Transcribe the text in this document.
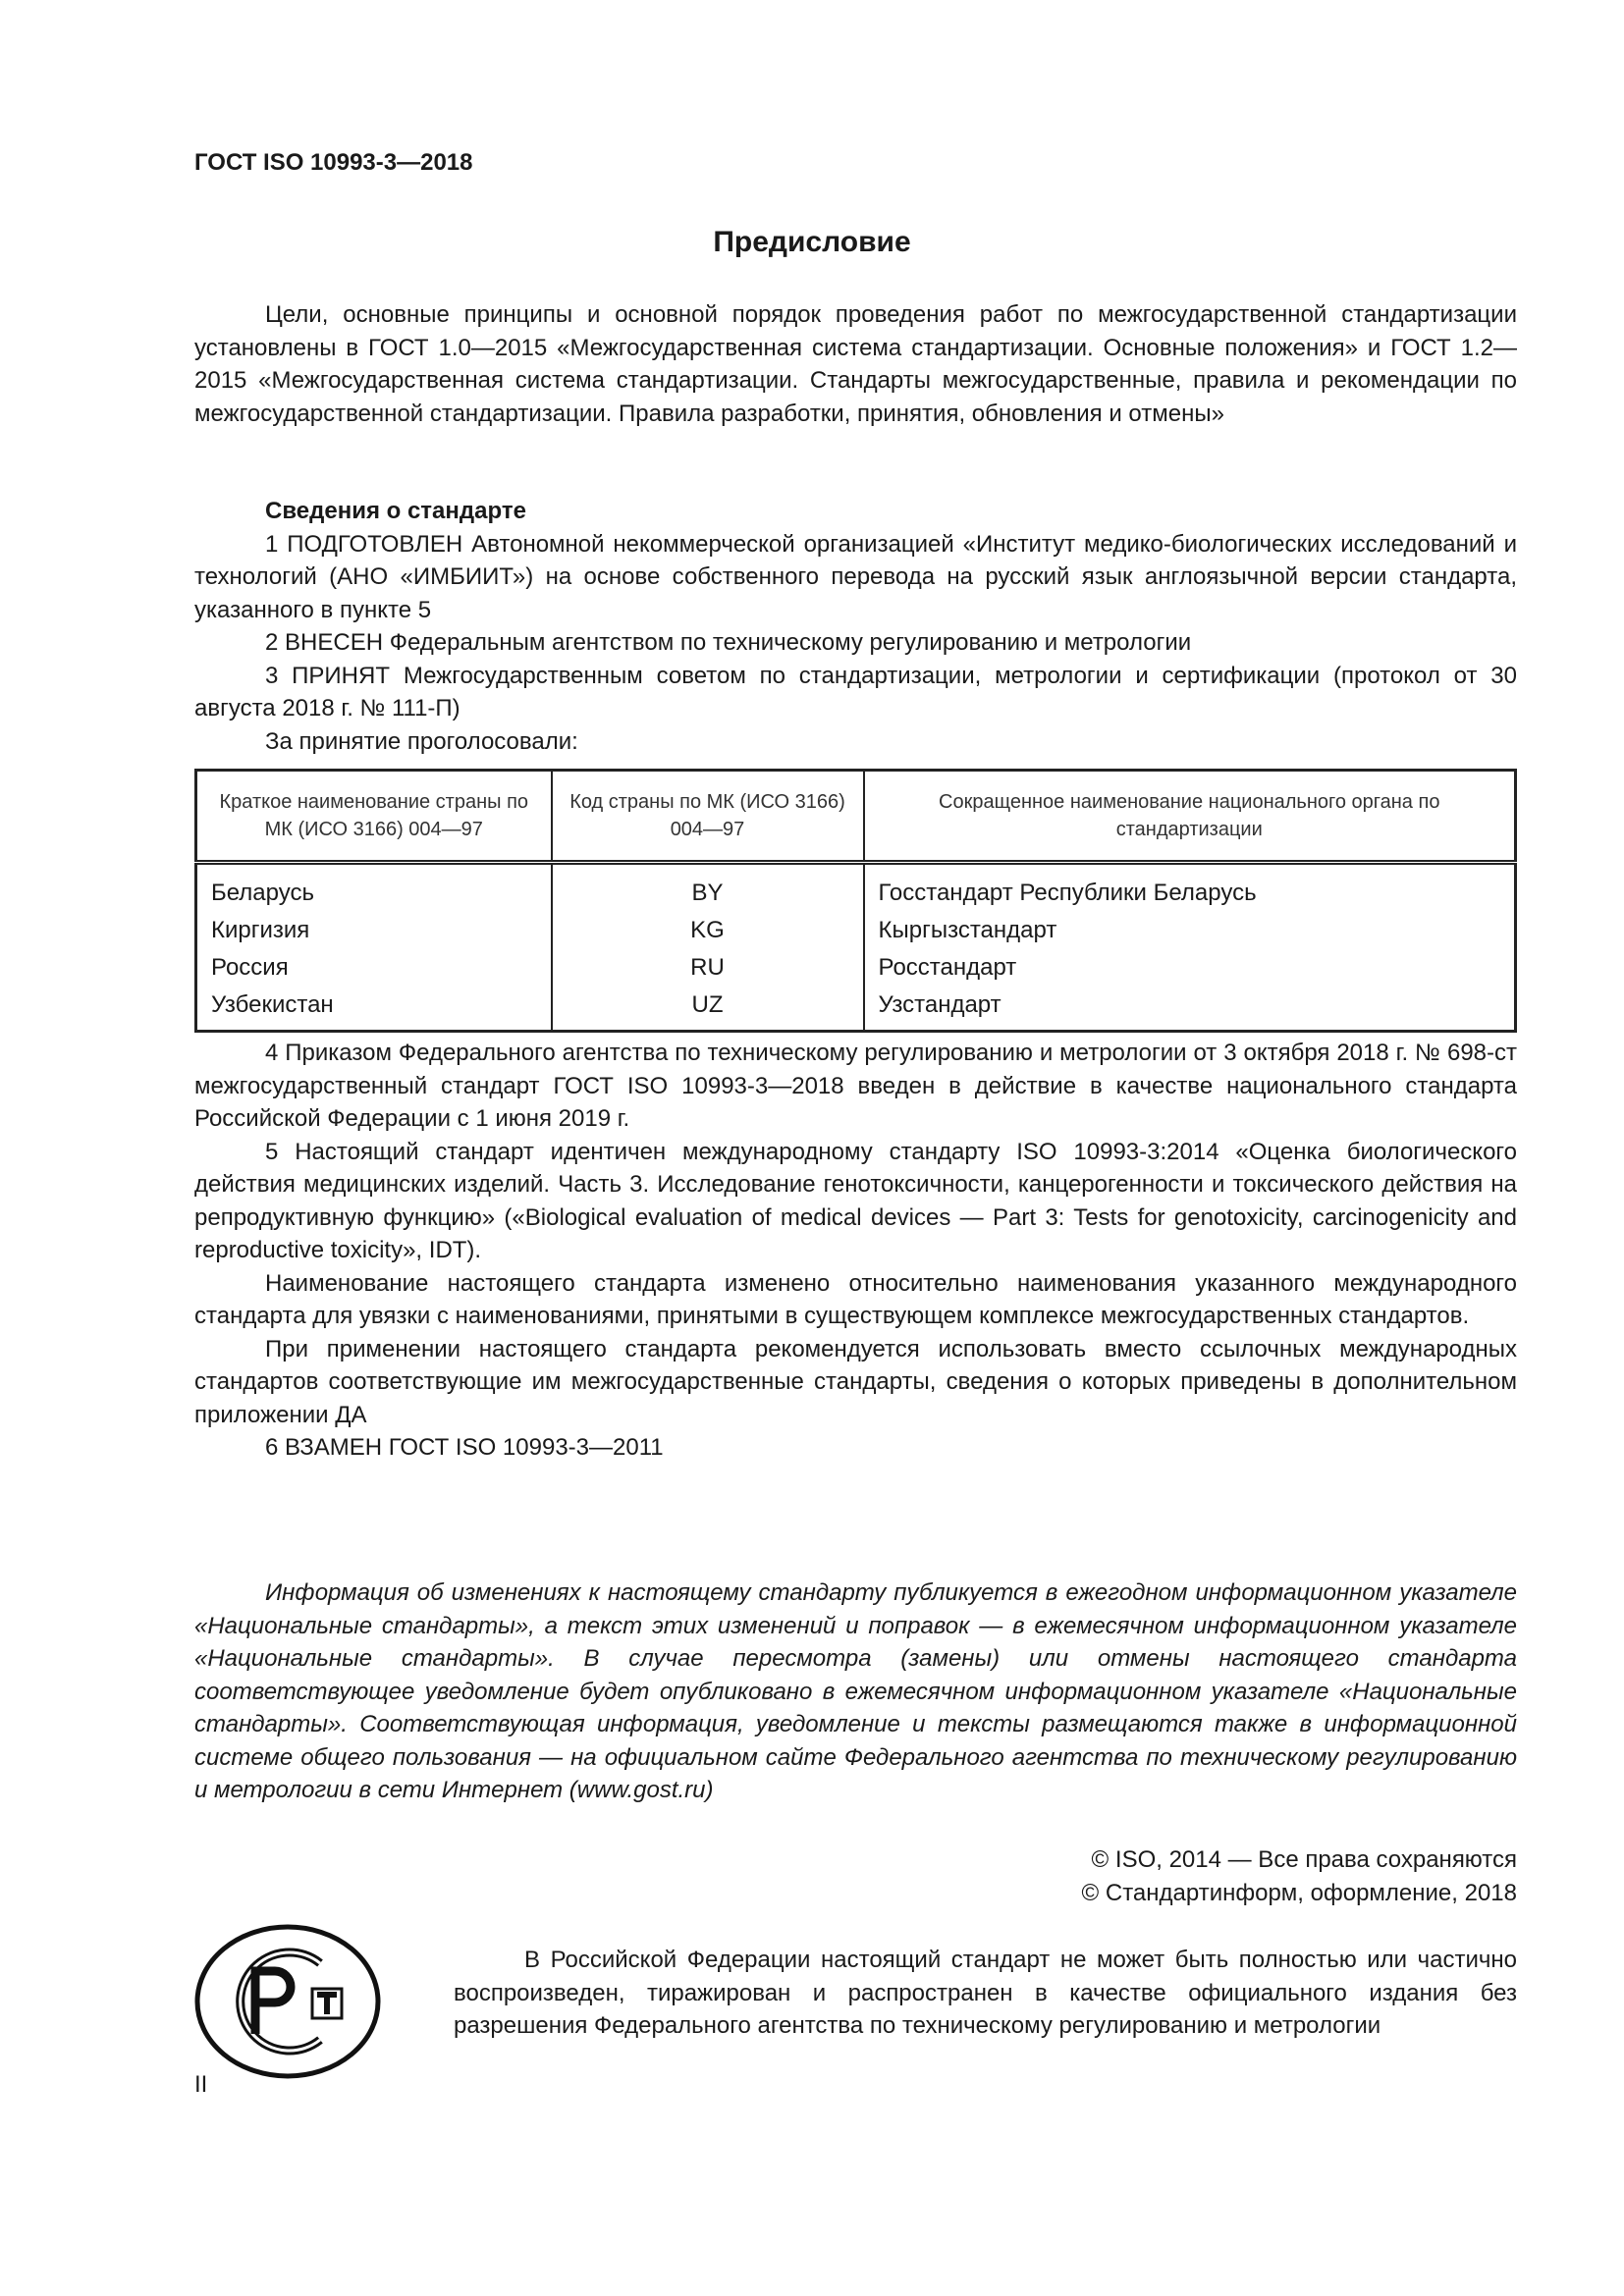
ГОСТ ISO 10993-3—2018
Предисловие

Цели, основные принципы и основной порядок проведения работ по межгосударственной стандартизации установлены в ГОСТ 1.0—2015 «Межгосударственная система стандартизации. Основные положения» и ГОСТ 1.2—2015 «Межгосударственная система стандартизации. Стандарты межгосударственные, правила и рекомендации по межгосударственной стандартизации. Правила разработки, принятия, обновления и отмены»

Сведения о стандарте

1 ПОДГОТОВЛЕН Автономной некоммерческой организацией «Институт медико-биологических исследований и технологий (АНО «ИМБИИТ») на основе собственного перевода на русский язык англоязычной версии стандарта, указанного в пункте 5

2 ВНЕСЕН Федеральным агентством по техническому регулированию и метрологии

3 ПРИНЯТ Межгосударственным советом по стандартизации, метрологии и сертификации (протокол от 30 августа 2018 г. № 111-П)

За принятие проголосовали:

Краткое наименование страны по МК (ИСО 3166) 004—97	Код страны по МК (ИСО 3166) 004—97	Сокращенное наименование национального органа по стандартизации
Беларусь	BY	Госстандарт Республики Беларусь
Киргизия	KG	Кыргызстандарт
Россия	RU	Росстандарт
Узбекистан	UZ	Узстандарт

4 Приказом Федерального агентства по техническому регулированию и метрологии от 3 октября 2018 г. № 698-ст межгосударственный стандарт ГОСТ ISO 10993-3—2018 введен в действие в качестве национального стандарта Российской Федерации с 1 июня 2019 г.

5 Настоящий стандарт идентичен международному стандарту ISO 10993-3:2014 «Оценка биологического действия медицинских изделий. Часть 3. Исследование генотоксичности, канцерогенности и токсического действия на репродуктивную функцию» («Biological evaluation of medical devices — Part 3: Tests for genotoxicity, carcinogenicity and reproductive toxicity», IDT).

Наименование настоящего стандарта изменено относительно наименования указанного международного стандарта для увязки с наименованиями, принятыми в существующем комплексе межгосударственных стандартов.

При применении настоящего стандарта рекомендуется использовать вместо ссылочных международных стандартов соответствующие им межгосударственные стандарты, сведения о которых приведены в дополнительном приложении ДА

6 ВЗАМЕН ГОСТ ISO 10993-3—2011

Информация об изменениях к настоящему стандарту публикуется в ежегодном информационном указателе «Национальные стандарты», а текст этих изменений и поправок — в ежемесячном информационном указателе «Национальные стандарты». В случае пересмотра (замены) или отмены настоящего стандарта соответствующее уведомление будет опубликовано в ежемесячном информационном указателе «Национальные стандарты». Соответствующая информация, уведомление и тексты размещаются также в информационной системе общего пользования — на официальном сайте Федерального агентства по техническому регулированию и метрологии в сети Интернет (www.gost.ru)

© ISO, 2014 — Все права сохраняются
© Стандартинформ, оформление, 2018

В Российской Федерации настоящий стандарт не может быть полностью или частично воспроизведен, тиражирован и распространен в качестве официального издания без разрешения Федерального агентства по техническому регулированию и метрологии

II
